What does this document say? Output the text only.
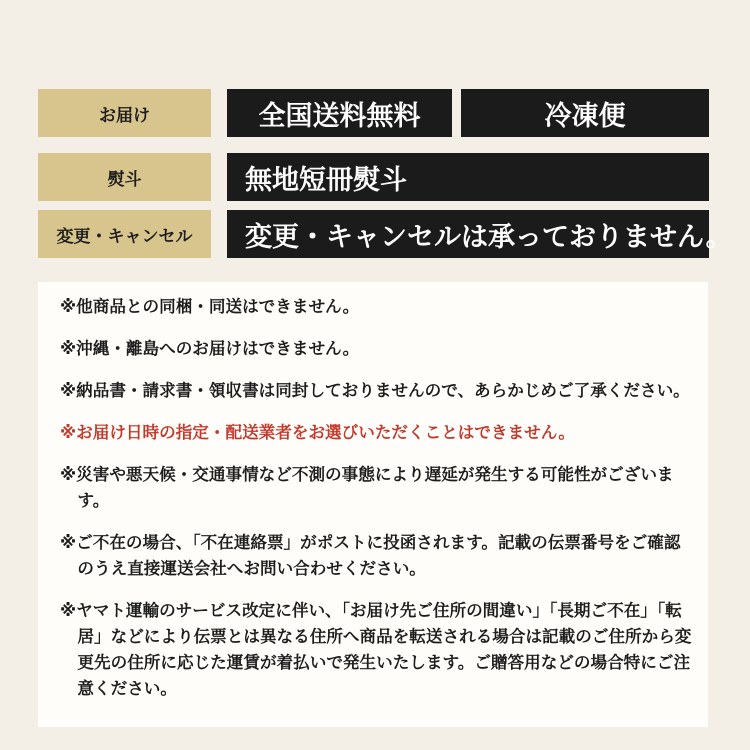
お届け	全国送料無料	冷凍便
熨斗	無地短冊熨斗
変更・キャンセル	変更・キャンセルは承っておりません。

※他商品との同梱・同送はできません。

※沖縄・離島へのお届けはできません。

※納品書・請求書・領収書は同封しておりませんので、あらかじめご了承ください。

※お届け日時の指定・配送業者をお選びいただくことはできません。

※災害や悪天候・交通事情など不測の事態により遅延が発生する可能性がございます。

※ご不在の場合、「不在連絡票」がポストに投函されます。記載の伝票番号をご確認のうえ直接運送会社へお問い合わせください。

※ヤマト運輸のサービス改定に伴い、「お届け先ご住所の間違い」「長期ご不在」「転居」などにより伝票とは異なる住所へ商品を転送される場合は記載のご住所から変更先の住所に応じた運賃が着払いで発生いたします。ご贈答用などの場合特にご注意ください。
